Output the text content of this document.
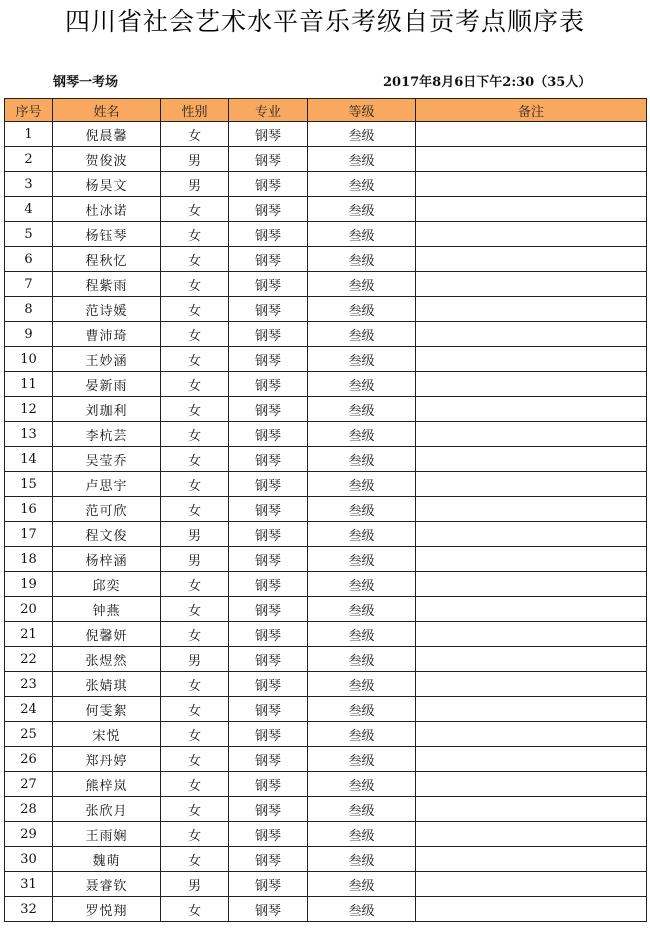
四川省社会艺术水平音乐考级自贡考点顺序表
钢琴一考场	2017年8月6日下午2:30（35人）
序号	姓名	性别	专业	等级	备注
1	倪晨馨	女	钢琴	叁级	
2	贺俊波	男	钢琴	叁级	
3	杨昊文	男	钢琴	叁级	
4	杜冰诺	女	钢琴	叁级	
5	杨钰琴	女	钢琴	叁级	
6	程秋忆	女	钢琴	叁级	
7	程紫雨	女	钢琴	叁级	
8	范诗媛	女	钢琴	叁级	
9	曹沛琦	女	钢琴	叁级	
10	王妙涵	女	钢琴	叁级	
11	晏新雨	女	钢琴	叁级	
12	刘珈利	女	钢琴	叁级	
13	李杭芸	女	钢琴	叁级	
14	吴莹乔	女	钢琴	叁级	
15	卢思宇	女	钢琴	叁级	
16	范可欣	女	钢琴	叁级	
17	程文俊	男	钢琴	叁级	
18	杨梓涵	男	钢琴	叁级	
19	邱奕	女	钢琴	叁级	
20	钟燕	女	钢琴	叁级	
21	倪馨妍	女	钢琴	叁级	
22	张煜然	男	钢琴	叁级	
23	张婧琪	女	钢琴	叁级	
24	何雯絮	女	钢琴	叁级	
25	宋悦	女	钢琴	叁级	
26	郑丹婷	女	钢琴	叁级	
27	熊梓岚	女	钢琴	叁级	
28	张欣月	女	钢琴	叁级	
29	王雨娴	女	钢琴	叁级	
30	魏萌	女	钢琴	叁级	
31	聂睿钦	男	钢琴	叁级	
32	罗悦翔	女	钢琴	叁级	
